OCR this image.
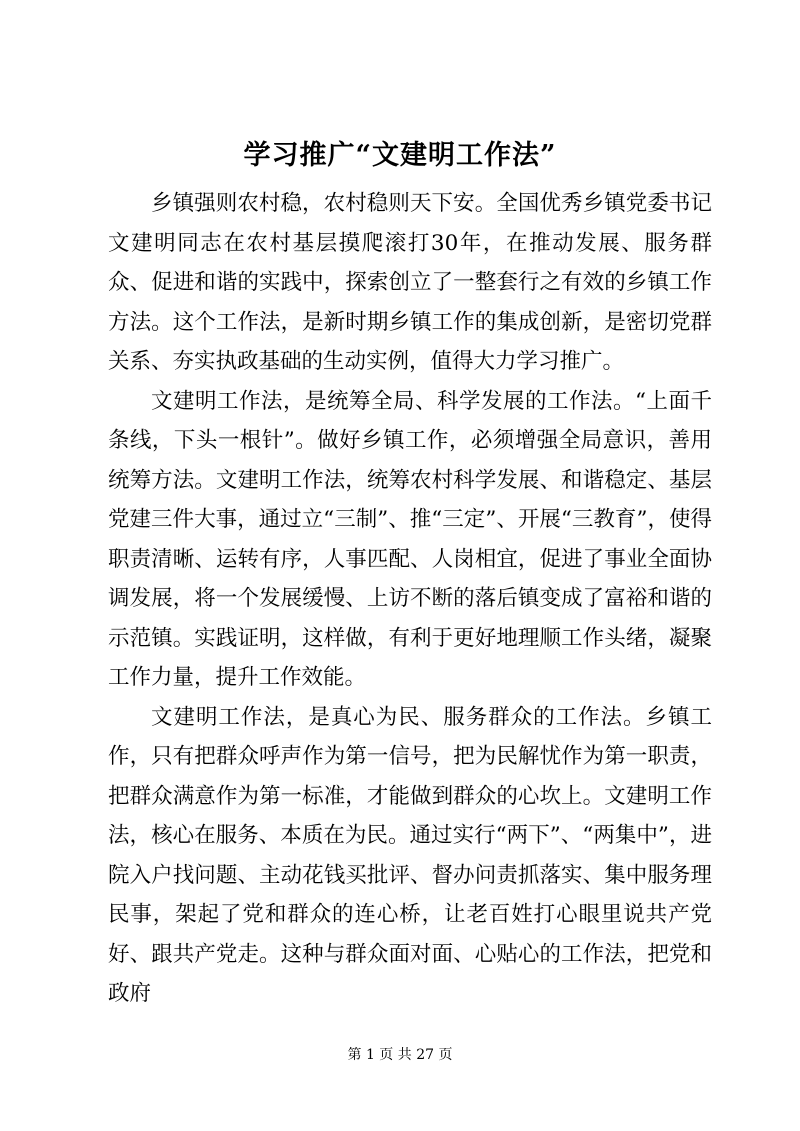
学习推广“文建明工作法”

乡镇强则农村稳，农村稳则天下安。全国优秀乡镇党委书记文建明同志在农村基层摸爬滚打30年，在推动发展、服务群众、促进和谐的实践中，探索创立了一整套行之有效的乡镇工作方法。这个工作法，是新时期乡镇工作的集成创新，是密切党群关系、夯实执政基础的生动实例，值得大力学习推广。

文建明工作法，是统筹全局、科学发展的工作法。“上面千条线，下头一根针”。做好乡镇工作，必须增强全局意识，善用统筹方法。文建明工作法，统筹农村科学发展、和谐稳定、基层党建三件大事，通过立“三制”、推“三定”、开展“三教育”，使得职责清晰、运转有序，人事匹配、人岗相宜，促进了事业全面协调发展，将一个发展缓慢、上访不断的落后镇变成了富裕和谐的示范镇。实践证明，这样做，有利于更好地理顺工作头绪，凝聚工作力量，提升工作效能。

文建明工作法，是真心为民、服务群众的工作法。乡镇工作，只有把群众呼声作为第一信号，把为民解忧作为第一职责，把群众满意作为第一标准，才能做到群众的心坎上。文建明工作法，核心在服务、本质在为民。通过实行“两下”、“两集中”，进院入户找问题、主动花钱买批评、督办问责抓落实、集中服务理民事，架起了党和群众的连心桥，让老百姓打心眼里说共产党好、跟共产党走。这种与群众面对面、心贴心的工作法，把党和政府

第 1 页 共 27 页
